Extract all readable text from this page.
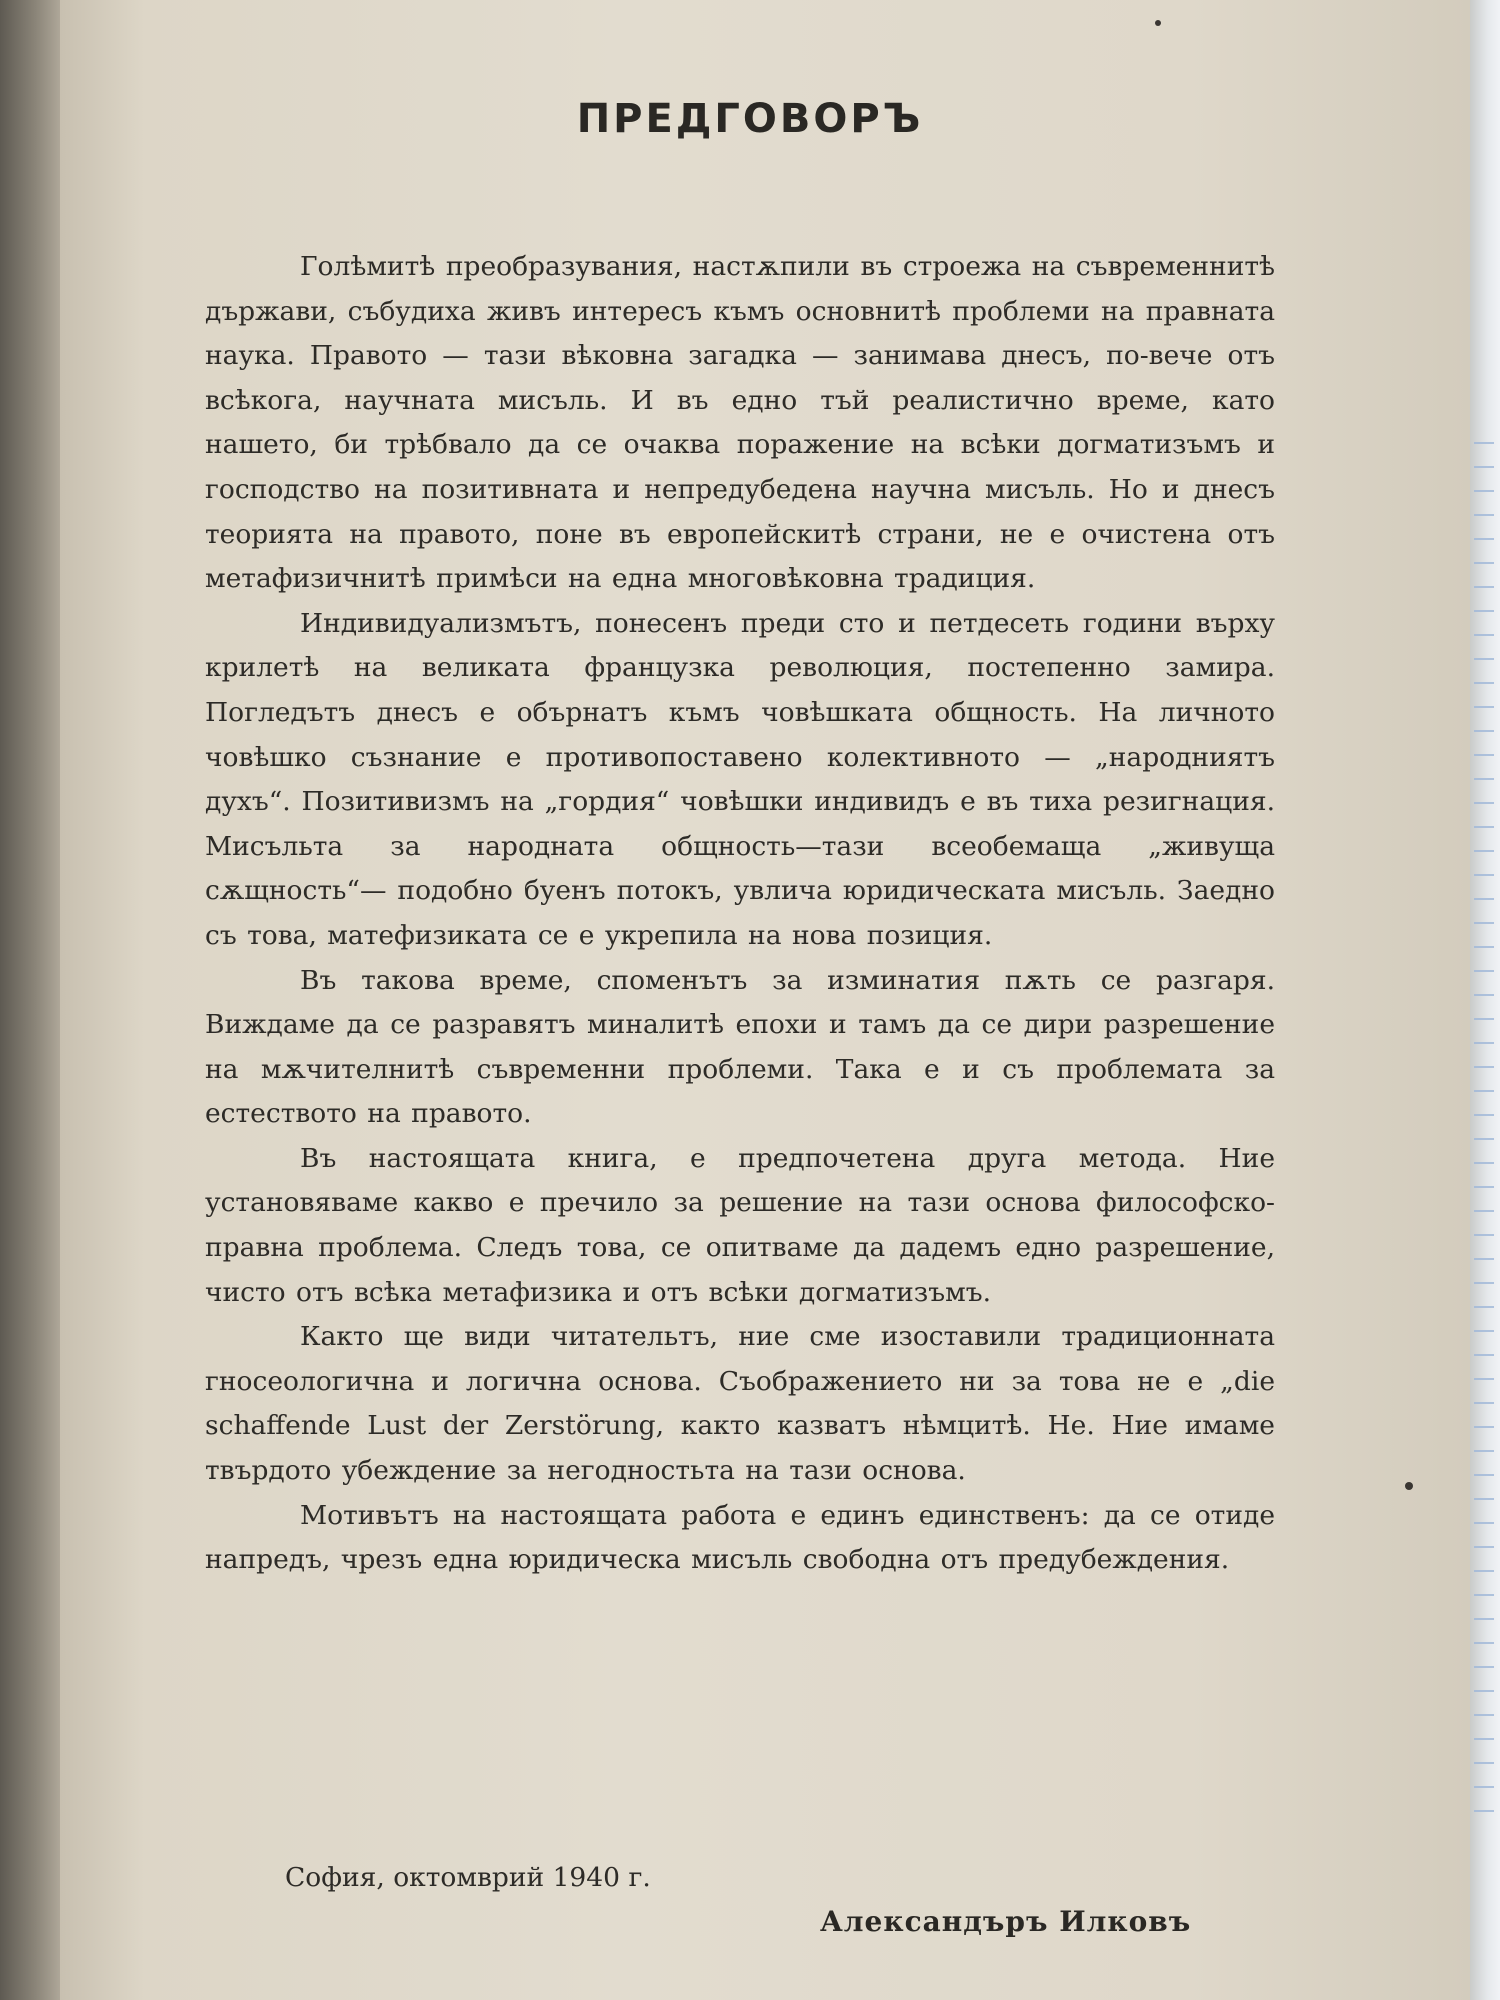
ПРЕДГОВОРЪ

Голѣмитѣ преобразувания, настѫпили въ строежа на съвременнитѣ държави, събудиха живъ интересъ къмъ основнитѣ проблеми на правната наука. Правото — тази вѣковна загадка — занимава днесъ, по-вече отъ всѣкога, научната мисъль. И въ едно тъй реалистично време, като нашето, би трѣбвало да се очаква поражение на всѣки догматизъмъ и господство на позитивната и непредубедена научна мисъль. Но и днесъ теорията на правото, поне въ европейскитѣ страни, не е очистена отъ метафизичнитѣ примѣси на една многовѣковна традиция.

Индивидуализмътъ, понесенъ преди сто и петдесеть години върху крилетѣ на великата французка революция, постепенно замира. Погледътъ днесъ е обърнатъ къмъ човѣшката общность. На личното човѣшко съзнание е противопоставено колективното — „народниятъ духъ“. Позитивизмъ на „гордия“ човѣшки индивидъ е въ тиха резигнация. Мисъльта за народната общность—тази всеобемаща „живуща сѫщность“— подобно буенъ потокъ, увлича юридическата мисъль. Заедно съ това, матефизиката се е укрепила на нова позиция.

Въ такова време, споменътъ за изминатия пѫть се разгаря. Виждаме да се разравятъ миналитѣ епохи и тамъ да се дири разрешение на мѫчителнитѣ съвременни проблеми. Така е и съ проблемата за естеството на правото.

Въ настоящата книга, е предпочетена друга метода. Ние установяваме какво е пречило за решение на тази основа философско-правна проблема. Следъ това, се опитваме да дадемъ едно разрешение, чисто отъ всѣка метафизика и отъ всѣки догматизъмъ.

Както ще види читательтъ, ние сме изоставили традиционната гносеологична и логична основа. Съображението ни за това не е „die schaffende Lust der Zerstörung, както казватъ нѣмцитѣ. Не. Ние имаме твърдото убеждение за негодностьта на тази основа.

Мотивътъ на настоящата работа е единъ единственъ: да се отиде напредъ, чрезъ една юридическа мисъль свободна отъ предубеждения.

София, октомврий 1940 г.
Александъръ Илковъ
